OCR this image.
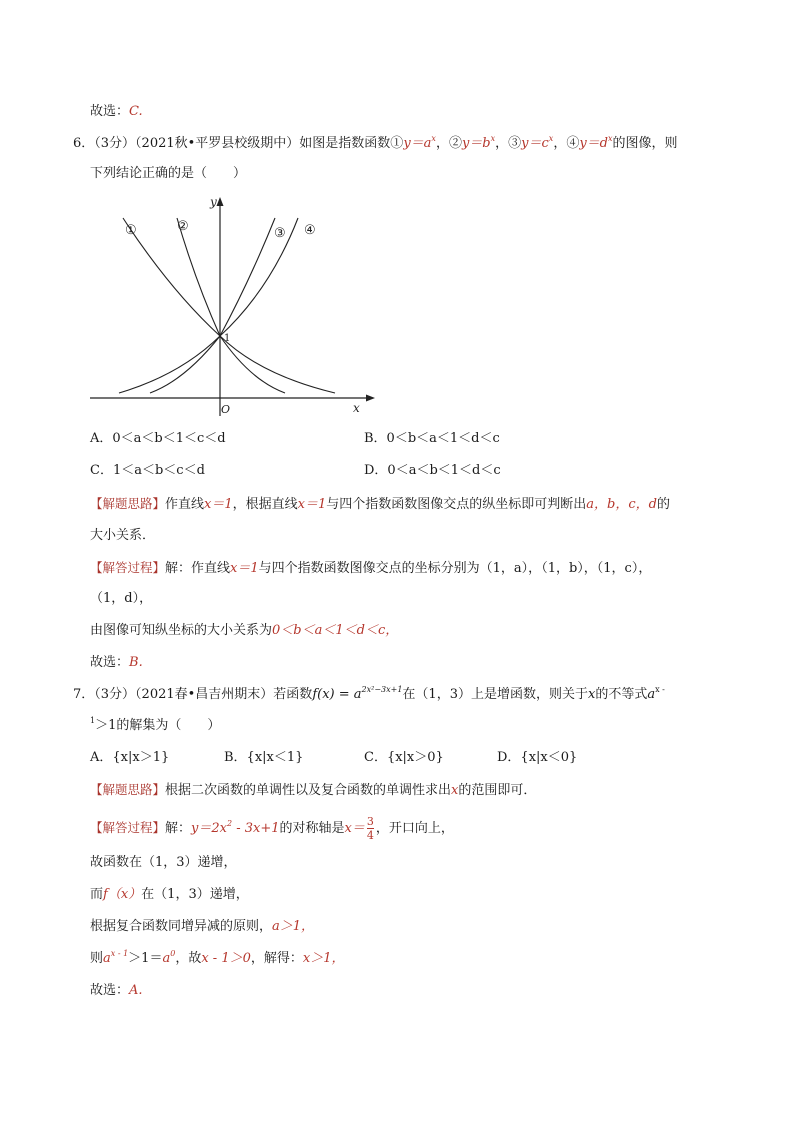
故选：C.
6．（3分）（2021秋•平罗县校级期中）如图是指数函数$①y=a^x$，$②y=b^x$，$③y=c^x$，$④y=d^x$的图像，则
下列结论正确的是（　　）
y
x
O
1
①	②	③ ④
A．0＜a＜b＜1＜c＜d	B．0＜b＜a＜1＜d＜c
C．1＜a＜b＜c＜d	D．0＜a＜b＜1＜d＜c
【解题思路】作直线x＝1，根据直线x＝1与四个指数函数图像交点的纵坐标即可判断出a，b，c，d的
大小关系．
【解答过程】解：作直线x＝1与四个指数函数图像交点的坐标分别为（1，a），（1，b），（1，c），
（1，d），
由图像可知纵坐标的大小关系为0＜b＜a＜1＜d＜c，
故选：B.
7．（3分）（2021春•昌吉州期末）若函数$f(x) = a^{2x^2-3x+1}$在（1，3）上是增函数，则关于x的不等式$a^{x -}$
$^1$＞1的解集为（　　）
A．{x|x＞1}	B．{x|x＜1}	C．{x|x＞0}	D．{x|x＜0}
【解题思路】根据二次函数的单调性以及复合函数的单调性求出x的范围即可．
【解答过程】解：$y=2x^2 - 3x+1$的对称轴是$x= \frac{3}{4}$ ，开口向上，
故函数在（1，3）递增，
而f（x）在（1，3）递增，
根据复合函数同增异减的原则，a＞1，
则$a^{x - 1}>1=a^0$，故x - 1＞0，解得：x＞1，
故选：A.
